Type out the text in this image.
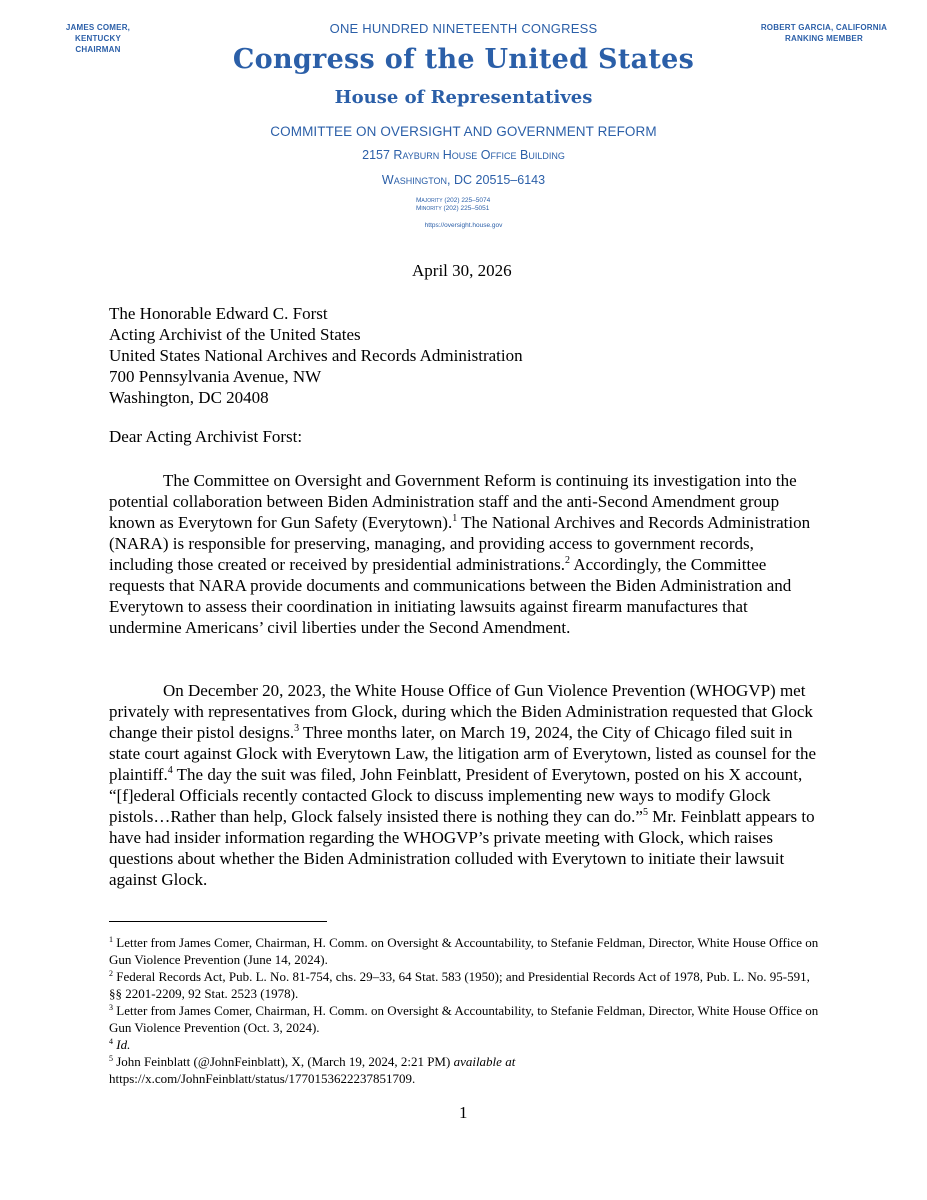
JAMES COMER, KENTUCKY
CHAIRMAN
ROBERT GARCIA, CALIFORNIA
RANKING MEMBER

ONE HUNDRED NINETEENTH CONGRESS

Congress of the United States

House of Representatives

COMMITTEE ON OVERSIGHT AND GOVERNMENT REFORM

2157 Rayburn House Office Building

Washington, DC 20515–6143

Majority (202) 225–5074
Minority (202) 225–5051

https://oversight.house.gov

April 30, 2026

The Honorable Edward C. Forst
Acting Archivist of the United States
United States National Archives and Records Administration
700 Pennsylvania Avenue, NW
Washington, DC 20408

Dear Acting Archivist Forst:

The Committee on Oversight and Government Reform is continuing its investigation into the potential collaboration between Biden Administration staff and the anti-Second Amendment group known as Everytown for Gun Safety (Everytown).$^1$ The National Archives and Records Administration (NARA) is responsible for preserving, managing, and providing access to government records, including those created or received by presidential administrations.$^2$ Accordingly, the Committee requests that NARA provide documents and communications between the Biden Administration and Everytown to assess their coordination in initiating lawsuits against firearm manufactures that undermine Americans’ civil liberties under the Second Amendment.

On December 20, 2023, the White House Office of Gun Violence Prevention (WHOGVP) met privately with representatives from Glock, during which the Biden Administration requested that Glock change their pistol designs.$^3$ Three months later, on March 19, 2024, the City of Chicago filed suit in state court against Glock with Everytown Law, the litigation arm of Everytown, listed as counsel for the plaintiff.$^4$ The day the suit was filed, John Feinblatt, President of Everytown, posted on his X account, “[f]ederal Officials recently contacted Glock to discuss implementing new ways to modify Glock pistols…Rather than help, Glock falsely insisted there is nothing they can do.”$^5$ Mr. Feinblatt appears to have had insider information regarding the WHOGVP’s private meeting with Glock, which raises questions about whether the Biden Administration colluded with Everytown to initiate their lawsuit against Glock.

$^1$ Letter from James Comer, Chairman, H. Comm. on Oversight & Accountability, to Stefanie Feldman, Director, White House Office on Gun Violence Prevention (June 14, 2024).

$^2$ Federal Records Act, Pub. L. No. 81-754, chs. 29–33, 64 Stat. 583 (1950); and Presidential Records Act of 1978, Pub. L. No. 95-591, §§ 2201-2209, 92 Stat. 2523 (1978).

$^3$ Letter from James Comer, Chairman, H. Comm. on Oversight & Accountability, to Stefanie Feldman, Director, White House Office on Gun Violence Prevention (Oct. 3, 2024).

$^4$ Id.

$^5$ John Feinblatt (@JohnFeinblatt), X, (March 19, 2024, 2:21 PM) available at
https://x.com/JohnFeinblatt/status/1770153622237851709.

1
